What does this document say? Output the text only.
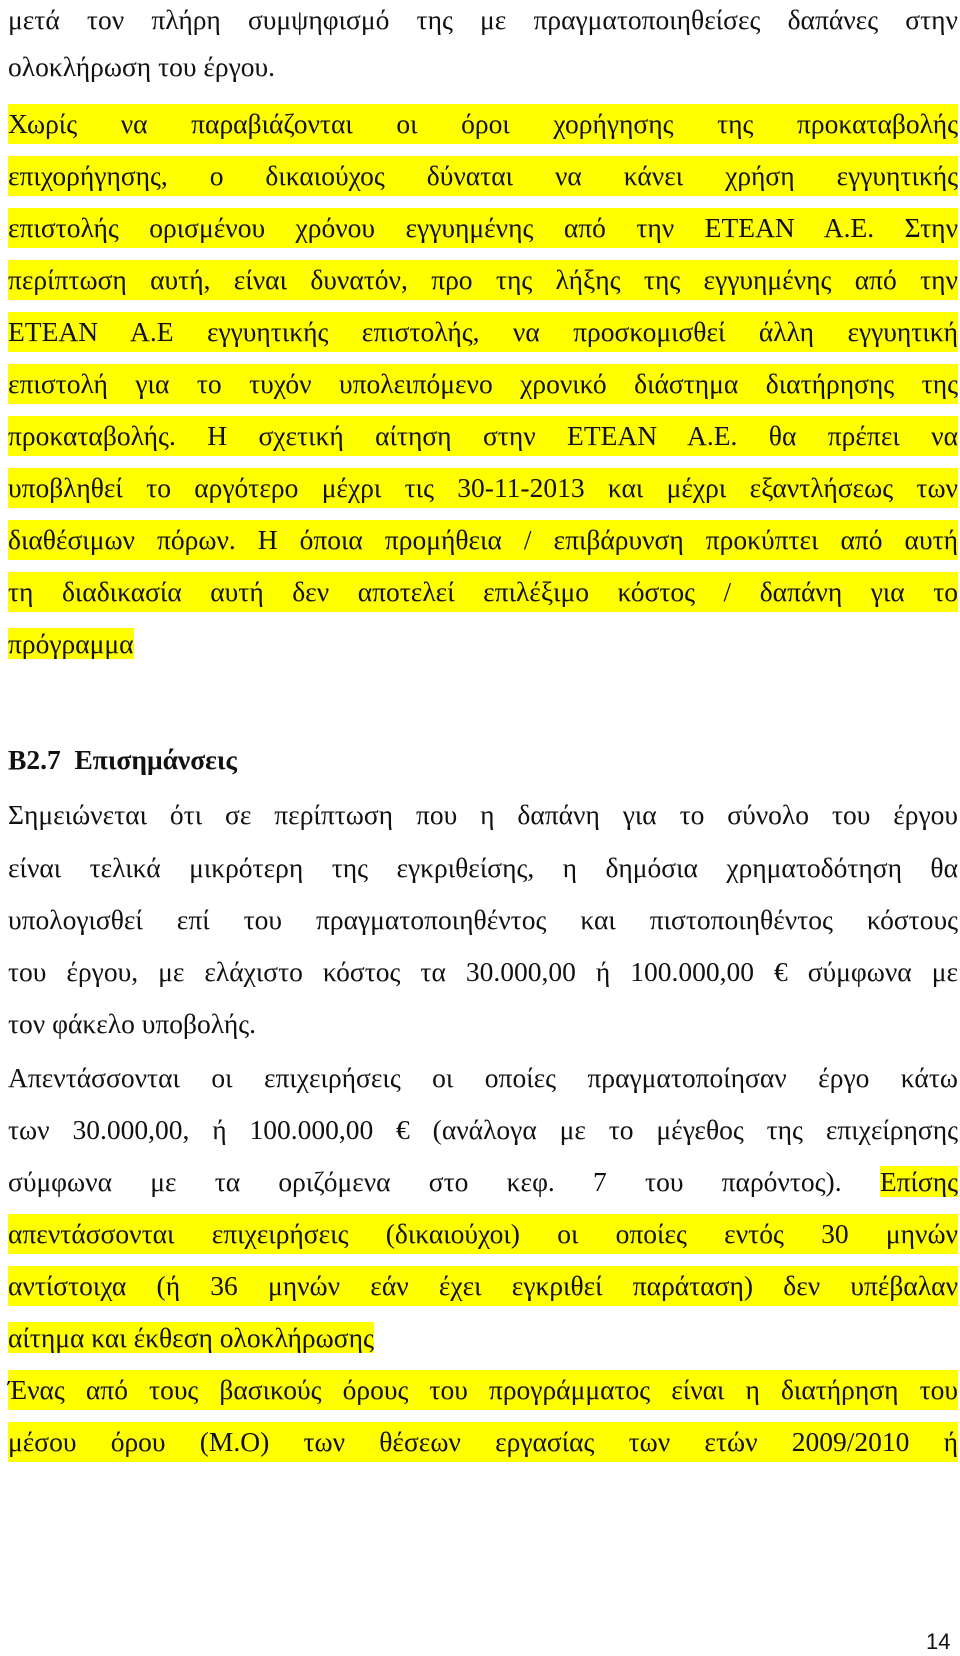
μετά τον πλήρη συμψηφισμό της με πραγματοποιηθείσες δαπάνες στην
ολοκλήρωση του έργου.
Χωρίς να παραβιάζονται οι όροι χορήγησης της προκαταβολής
επιχορήγησης, ο δικαιούχος δύναται να κάνει χρήση εγγυητικής
επιστολής ορισμένου χρόνου εγγυημένης από την ΕΤΕΑΝ Α.Ε. Στην
περίπτωση αυτή, είναι δυνατόν, προ της λήξης της εγγυημένης από την
ΕΤΕΑΝ Α.Ε εγγυητικής επιστολής, να προσκομισθεί άλλη εγγυητική
επιστολή για το τυχόν υπολειπόμενο χρονικό διάστημα διατήρησης της
προκαταβολής. Η σχετική αίτηση στην ΕΤΕΑΝ Α.Ε. θα πρέπει να
υποβληθεί το αργότερο μέχρι τις 30-11-2013 και μέχρι εξαντλήσεως των
διαθέσιμων πόρων. Η όποια προμήθεια / επιβάρυνση προκύπτει από αυτή
τη διαδικασία αυτή δεν αποτελεί επιλέξιμο κόστος / δαπάνη για το
πρόγραμμα
Β2.7 Επισημάνσεις
Σημειώνεται ότι σε περίπτωση που η δαπάνη για το σύνολο του έργου
είναι τελικά μικρότερη της εγκριθείσης, η δημόσια χρηματοδότηση θα
υπολογισθεί επί του πραγματοποιηθέντος και πιστοποιηθέντος κόστους
του έργου, με ελάχιστο κόστος τα 30.000,00 ή 100.000,00 € σύμφωνα με
τον φάκελο υποβολής.
Απεντάσσονται οι επιχειρήσεις οι οποίες πραγματοποίησαν έργο κάτω
των 30.000,00, ή 100.000,00 € (ανάλογα με το μέγεθος της επιχείρησης
σύμφωνα με τα οριζόμενα στο κεφ. 7 του παρόντος). Επίσης
απεντάσσονται επιχειρήσεις (δικαιούχοι) οι οποίες εντός 30 μηνών
αντίστοιχα (ή 36 μηνών εάν έχει εγκριθεί παράταση) δεν υπέβαλαν
αίτημα και έκθεση ολοκλήρωσης
Ένας από τους βασικούς όρους του προγράμματος είναι η διατήρηση του
μέσου όρου (Μ.Ο) των θέσεων εργασίας των ετών 2009/2010 ή
14
